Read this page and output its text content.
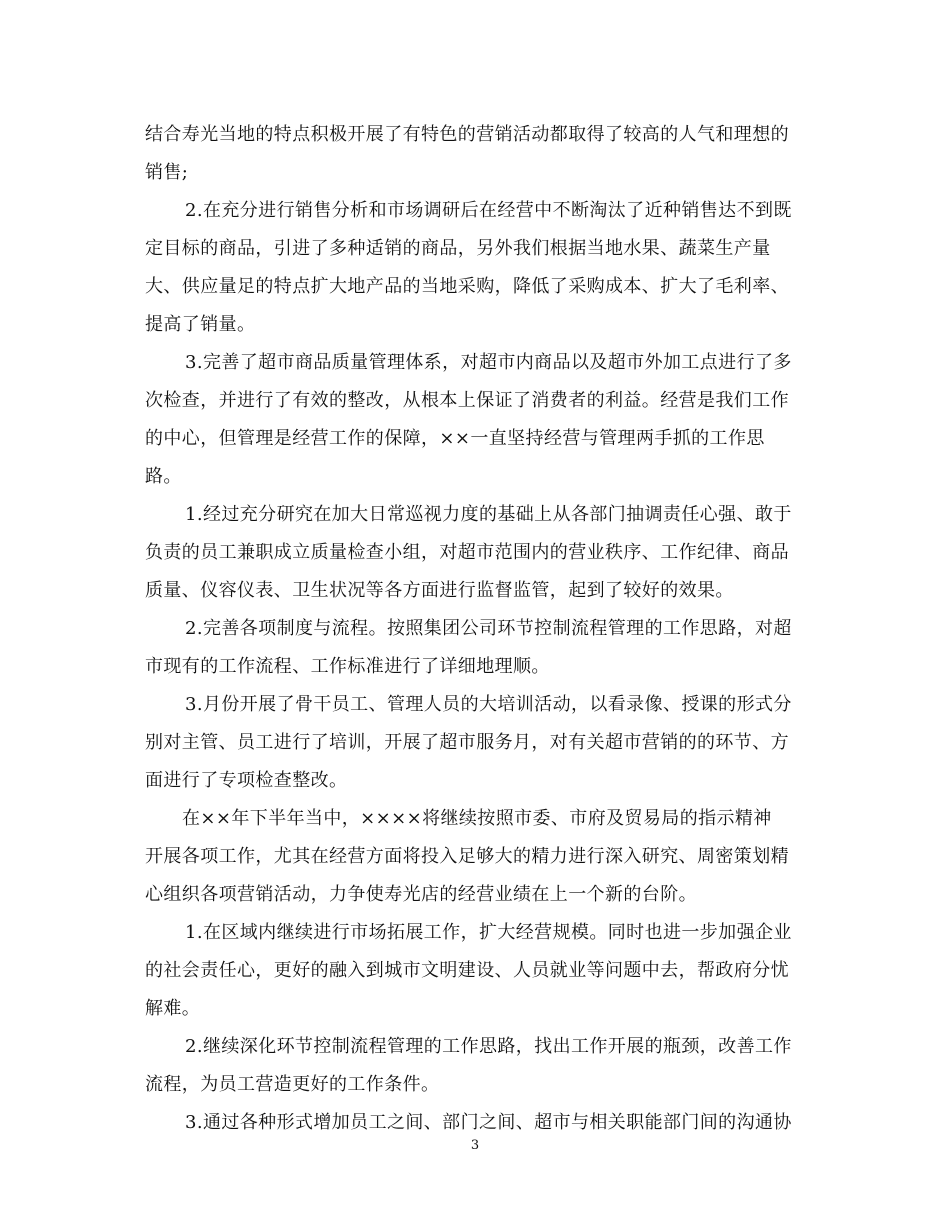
结合寿光当地的特点积极开展了有特色的营销活动都取得了较高的人气和理想的
销售;
2.在充分进行销售分析和市场调研后在经营中不断淘汰了近种销售达不到既
定目标的商品，引进了多种适销的商品，另外我们根据当地水果、蔬菜生产量
大、供应量足的特点扩大地产品的当地采购，降低了采购成本、扩大了毛利率、
提高了销量。
3.完善了超市商品质量管理体系，对超市内商品以及超市外加工点进行了多
次检查，并进行了有效的整改，从根本上保证了消费者的利益。经营是我们工作
的中心，但管理是经营工作的保障，××一直坚持经营与管理两手抓的工作思
路。
1.经过充分研究在加大日常巡视力度的基础上从各部门抽调责任心强、敢于
负责的员工兼职成立质量检查小组，对超市范围内的营业秩序、工作纪律、商品
质量、仪容仪表、卫生状况等各方面进行监督监管，起到了较好的效果。
2.完善各项制度与流程。按照集团公司环节控制流程管理的工作思路，对超
市现有的工作流程、工作标准进行了详细地理顺。
3.月份开展了骨干员工、管理人员的大培训活动，以看录像、授课的形式分
别对主管、员工进行了培训，开展了超市服务月，对有关超市营销的的环节、方
面进行了专项检查整改。
在××年下半年当中，××××将继续按照市委、市府及贸易局的指示精神
开展各项工作，尤其在经营方面将投入足够大的精力进行深入研究、周密策划精
心组织各项营销活动，力争使寿光店的经营业绩在上一个新的台阶。
1.在区域内继续进行市场拓展工作，扩大经营规模。同时也进一步加强企业
的社会责任心，更好的融入到城市文明建设、人员就业等问题中去，帮政府分忧
解难。
2.继续深化环节控制流程管理的工作思路，找出工作开展的瓶颈，改善工作
流程，为员工营造更好的工作条件。
3.通过各种形式增加员工之间、部门之间、超市与相关职能部门间的沟通协
3
